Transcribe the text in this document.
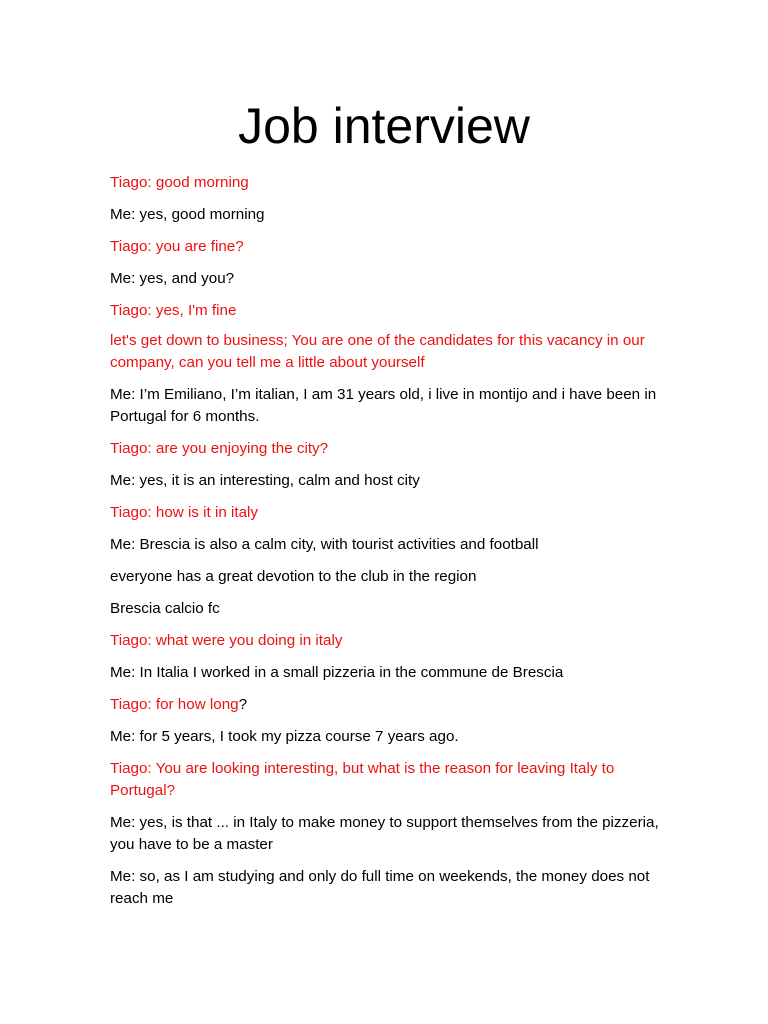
Job interview

Tiago: good morning

Me: yes, good morning

Tiago: you are fine?

Me: yes, and you?

Tiago: yes, I'm fine

let's get down to business; You are one of the candidates for this vacancy in our company, can you tell me a little about yourself

Me: I’m Emiliano, I’m italian, I am 31 years old, i live in montijo and i have been in Portugal for 6 months.

Tiago: are you enjoying the city?

Me: yes, it is an interesting, calm and host city

Tiago: how is it in italy

Me: Brescia is also a calm city, with tourist activities and football

everyone has a great devotion to the club in the region

Brescia calcio fc

Tiago: what were you doing in italy

Me: In Italia I worked in a small pizzeria in the commune de Brescia

Tiago: for how long?

Me: for 5 years, I took my pizza course 7 years ago.

Tiago: You are looking interesting, but what is the reason for leaving Italy to Portugal?

Me: yes, is that ... in Italy to make money to support themselves from the pizzeria, you have to be a master

Me: so, as I am studying and only do full time on weekends, the money does not reach me
